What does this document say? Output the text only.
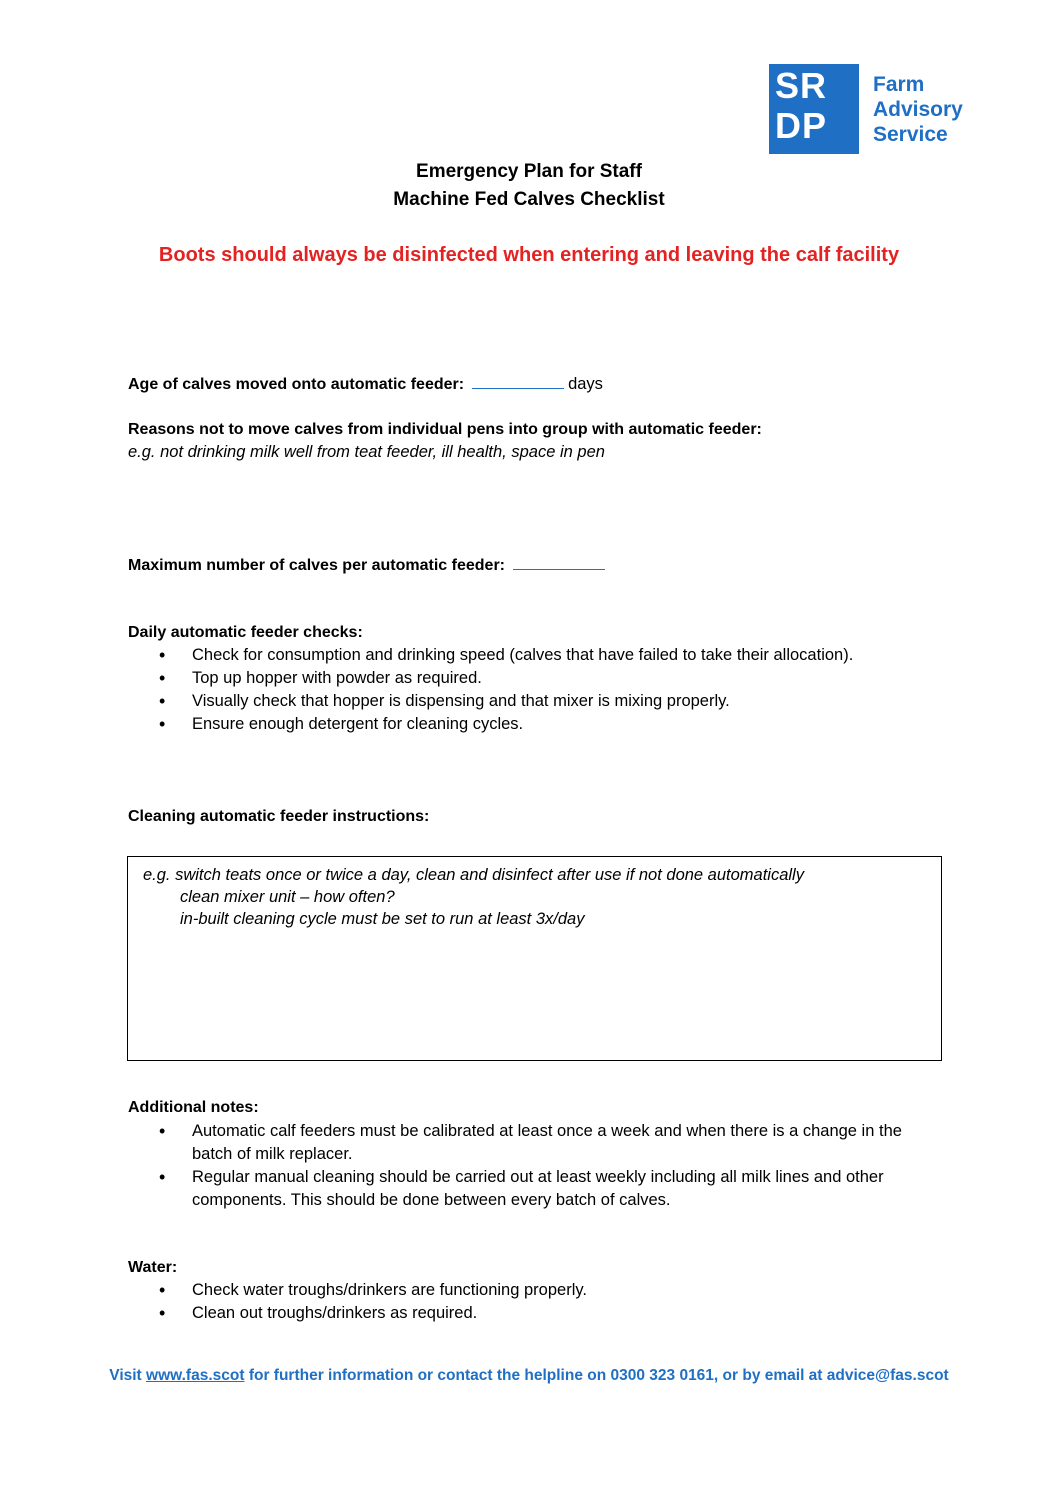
SR
DP
Farm
Advisory
Service
Emergency Plan for Staff
Machine Fed Calves Checklist
Boots should always be disinfected when entering and leaving the calf facility
Age of calves moved onto automatic feeder:	days
Reasons not to move calves from individual pens into group with automatic feeder:
e.g. not drinking milk well from teat feeder, ill health, space in pen
Maximum number of calves per automatic feeder:
Daily automatic feeder checks:
• Check for consumption and drinking speed (calves that have failed to take their allocation).
• Top up hopper with powder as required.
• Visually check that hopper is dispensing and that mixer is mixing properly.
• Ensure enough detergent for cleaning cycles.
Cleaning automatic feeder instructions:
e.g. switch teats once or twice a day, clean and disinfect after use if not done automatically
clean mixer unit – how often?
in-built cleaning cycle must be set to run at least 3x/day
Additional notes:
• Automatic calf feeders must be calibrated at least once a week and when there is a change in the batch of milk replacer.
• Regular manual cleaning should be carried out at least weekly including all milk lines and other components. This should be done between every batch of calves.
Water:
• Check water troughs/drinkers are functioning properly.
• Clean out troughs/drinkers as required.
Visit www.fas.scot for further information or contact the helpline on 0300 323 0161, or by email at advice@fas.scot
